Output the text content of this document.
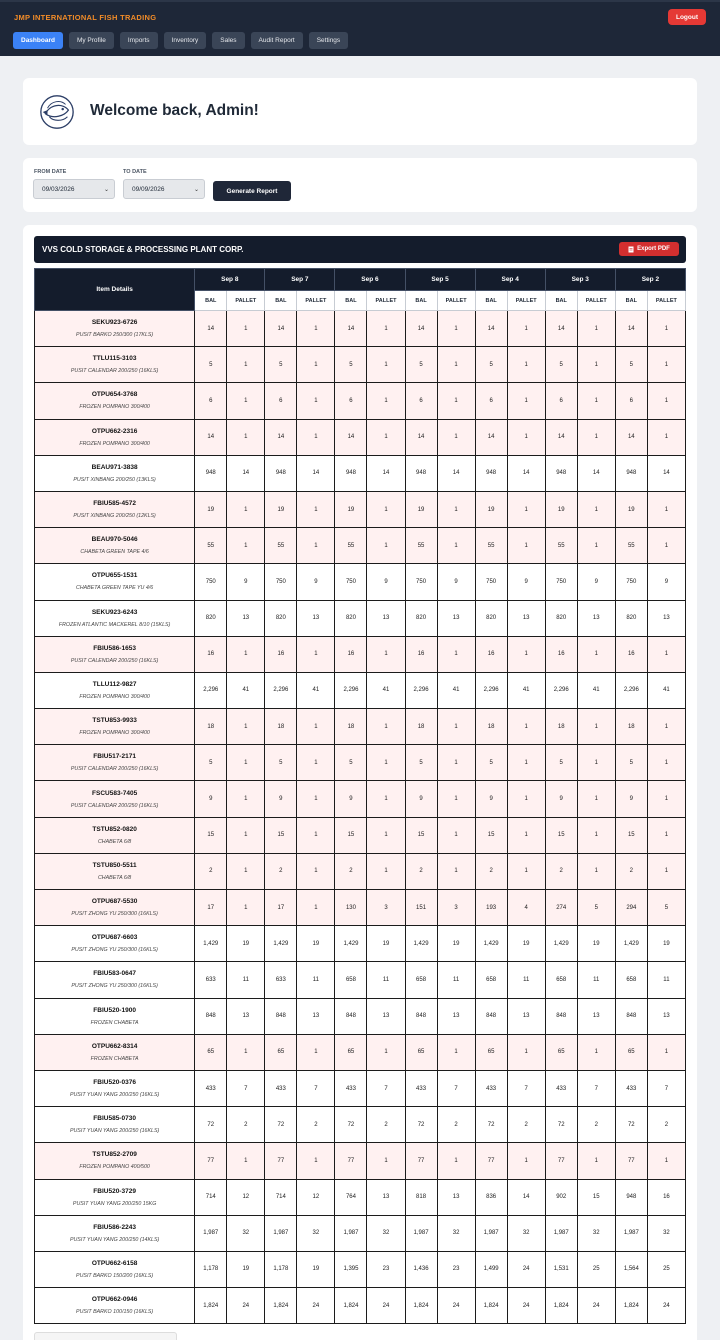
JMP INTERNATIONAL FISH TRADING	Logout
Dashboard	My Profile	Imports	Inventory	Sales	Audit Report	Settings
Welcome back, Admin!
FROM DATE
09/03/2026	⌄
TO DATE
09/09/2026	⌄	Generate Report
VVS COLD STORAGE & PROCESSING PLANT CORP.	Export PDF
Item Details	Sep 8		Sep 7		Sep 6		Sep 5		Sep 4		Sep 3		Sep 2	
	BAL	PALLET	BAL	PALLET	BAL	PALLET	BAL	PALLET	BAL	PALLET	BAL	PALLET	BAL	PALLET

SEKU923-6726
PUSIT BARKO 250/300 (17KLS)	14	1	14	1	14	1	14	1	14	1	14	1	14	1

TTLU115-3103
PUSIT CALENDAR 200/250 (16KLS)	5	1	5	1	5	1	5	1	5	1	5	1	5	1

OTPU654-3768
FROZEN POMPANO 300/400	6	1	6	1	6	1	6	1	6	1	6	1	6	1

OTPU662-2316
FROZEN POMPANO 300/400	14	1	14	1	14	1	14	1	14	1	14	1	14	1

BEAU971-3838
PUSIT XINBANG 200/250 (13KLS)	948	14	948	14	948	14	948	14	948	14	948	14	948	14

FBIU585-4572
PUSIT XINBANG 200/250 (12KLS)	19	1	19	1	19	1	19	1	19	1	19	1	19	1

BEAU970-5046
CHABETA GREEN TAPE 4/6	55	1	55	1	55	1	55	1	55	1	55	1	55	1

OTPU655-1531
CHABETA GREEN TAPE YU 4/6	750	9	750	9	750	9	750	9	750	9	750	9	750	9

SEKU923-6243
FROZEN ATLANTIC MACKEREL 8/10 (15KLS)	820	13	820	13	820	13	820	13	820	13	820	13	820	13

FBIU586-1653
PUSIT CALENDAR 200/250 (16KLS)	16	1	16	1	16	1	16	1	16	1	16	1	16	1

TLLU112-9827
FROZEN POMPANO 300/400	2,296	41	2,296	41	2,296	41	2,296	41	2,296	41	2,296	41	2,296	41

TSTU853-9933
FROZEN POMPANO 300/400	18	1	18	1	18	1	18	1	18	1	18	1	18	1

FBIU517-2171
PUSIT CALENDAR 200/250 (16KLS)	5	1	5	1	5	1	5	1	5	1	5	1	5	1

FSCU583-7405
PUSIT CALENDAR 200/250 (16KLS)	9	1	9	1	9	1	9	1	9	1	9	1	9	1

TSTU852-0820
CHABETA 6/8	15	1	15	1	15	1	15	1	15	1	15	1	15	1

TSTU850-5511
CHABETA 6/8	2	1	2	1	2	1	2	1	2	1	2	1	2	1

OTPU687-5530
PUSIT ZHONG YU 250/300 (16KLS)	17	1	17	1	130	3	151	3	193	4	274	5	294	5

OTPU687-6603
PUSIT ZHONG YU 250/300 (16KLS)	1,429	19	1,429	19	1,429	19	1,429	19	1,429	19	1,429	19	1,429	19

FBIU583-0647
PUSIT ZHONG YU 250/300 (16KLS)	633	11	633	11	658	11	658	11	658	11	658	11	658	11

FBIU520-1900
FROZEN CHABETA	848	13	848	13	848	13	848	13	848	13	848	13	848	13

OTPU662-8314
FROZEN CHABETA	65	1	65	1	65	1	65	1	65	1	65	1	65	1

FBIU520-0376
PUSIT YUAN YANG 200/250 (16KLS)	433	7	433	7	433	7	433	7	433	7	433	7	433	7

FBIU585-0730
PUSIT YUAN YANG 200/250 (16KLS)	72	2	72	2	72	2	72	2	72	2	72	2	72	2

TSTU852-2709
FROZEN POMPANO 400/500	77	1	77	1	77	1	77	1	77	1	77	1	77	1

FBIU520-3729
PUSIT YUAN YANG 200/250 15KG	714	12	714	12	764	13	818	13	836	14	902	15	948	16

FBIU586-2243
PUSIT YUAN YANG 200/250 (14KLS)	1,987	32	1,987	32	1,987	32	1,987	32	1,987	32	1,987	32	1,987	32

OTPU662-6158
PUSIT BARKO 150/200 (16KLS)	1,178	19	1,178	19	1,395	23	1,436	23	1,499	24	1,531	25	1,564	25

OTPU662-0946
PUSIT BARKO 100/150 (16KLS)	1,824	24	1,824	24	1,824	24	1,824	24	1,824	24	1,824	24	1,824	24
